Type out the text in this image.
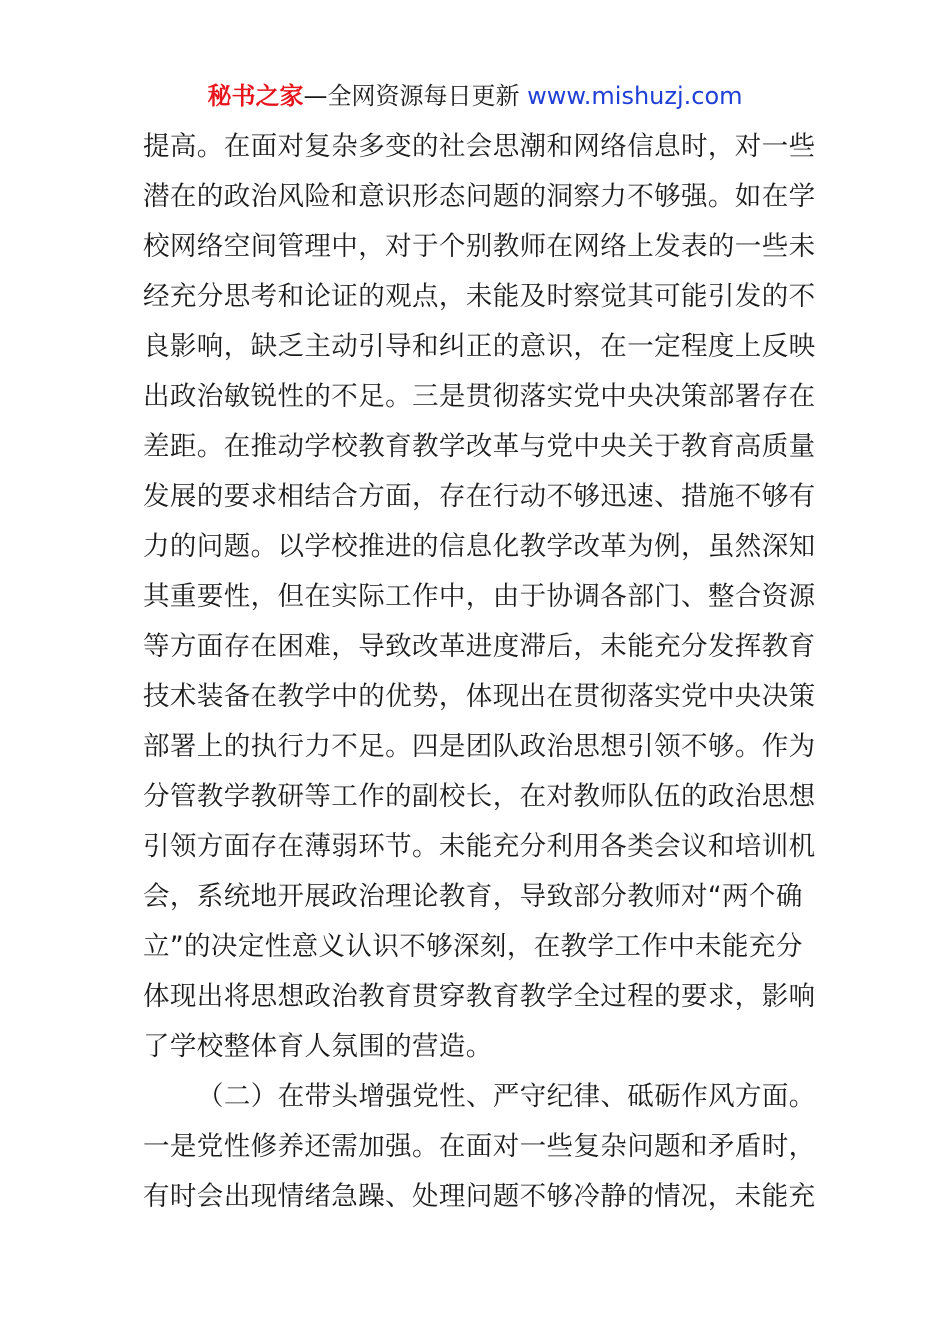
秘书之家—全网资源每日更新 www.mishuzj.com
提高。在面对复杂多变的社会思潮和网络信息时，对一些
潜在的政治风险和意识形态问题的洞察力不够强。如在学
校网络空间管理中，对于个别教师在网络上发表的一些未
经充分思考和论证的观点，未能及时察觉其可能引发的不
良影响，缺乏主动引导和纠正的意识，在一定程度上反映
出政治敏锐性的不足。三是贯彻落实党中央决策部署存在
差距。在推动学校教育教学改革与党中央关于教育高质量
发展的要求相结合方面，存在行动不够迅速、措施不够有
力的问题。以学校推进的信息化教学改革为例，虽然深知
其重要性，但在实际工作中，由于协调各部门、整合资源
等方面存在困难，导致改革进度滞后，未能充分发挥教育
技术装备在教学中的优势，体现出在贯彻落实党中央决策
部署上的执行力不足。四是团队政治思想引领不够。作为
分管教学教研等工作的副校长，在对教师队伍的政治思想
引领方面存在薄弱环节。未能充分利用各类会议和培训机
会，系统地开展政治理论教育，导致部分教师对“两个确
立”的决定性意义认识不够深刻，在教学工作中未能充分
体现出将思想政治教育贯穿教育教学全过程的要求，影响
了学校整体育人氛围的营造。
（二）在带头增强党性、严守纪律、砥砺作风方面。
一是党性修养还需加强。在面对一些复杂问题和矛盾时，
有时会出现情绪急躁、处理问题不够冷静的情况，未能充
